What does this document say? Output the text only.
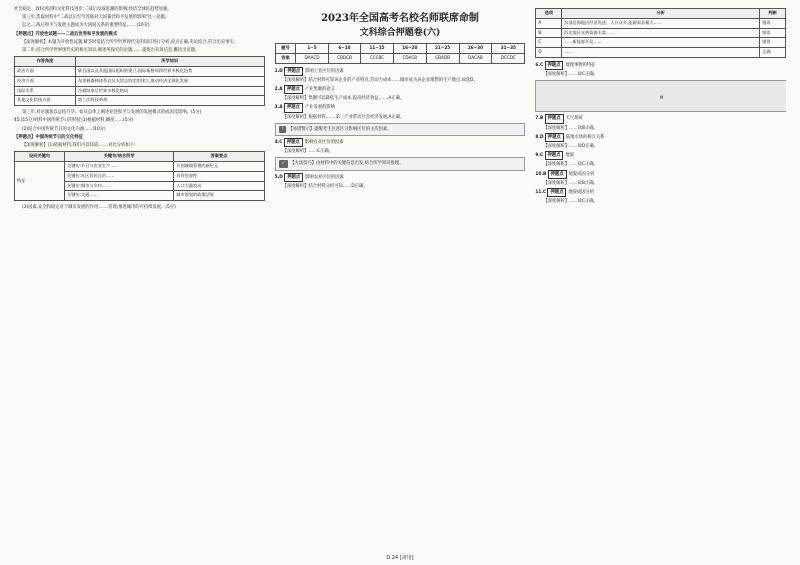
社会稳定、政权巩固和文化科技进步;二战后反战思潮的影响;经济全球化趋势加强。

第三步,选取材料中"二战以后至今苏联对大国兼容和平发展的影响"这一论题。

总之,二战后和平与发展主题成为大国间关系的重要特征,……(10分)

【押题点】开放性试题——二战后世界和平发展的模式

【深度解析】本题为开放性试题,解答时需结合所学世界现代史的知识进行分析,论点正确,史论结合,符合历史事实。

第二步,结合所学世界现代史的相关知识,阐述所探究的论题,……提炼出有效信息,概括出论题。

作答角度	所学知识
政治方面	联合国以及其他国际组织的建立,国际新格局和世界多极化趋势
经济方面	布雷顿森林体系以及关贸总协定的建立,推动经济全球化发展
国际关系	冷战结束后世界多极化格局
其他文化科技方面	第三次科技革命

第三步,对论题加以总结升华。如从总体上阐述论述和平与发展的发展模式的成因及影响。(5分)

45.(15分)材料中国传统节日的特征(1)根据材料,概括……(5分)

(2)结合中国传统节日的文化内涵……(10分)

【押题点】中国传统节日的文化特征

【深度解析】(1)依据材料,我们可以知道,……对比分析如下:

设问关键句	关键句/结合所学	答案要点
特征	关键句:节日与农业生产……	开创城镇管理的新纪元
	关键句:社区居民自治……	具有包容性
	关键句:城市与乡村……	人口大量流动
	关键句:交通……	城市规划的政策法规

(3)因素,安全和稳定对于城市发展的作用,……管理,推进城市的可持续发展。(5分)

2023年全国高考名校名师联席命制
文科综合押题卷(六)
题号	1~5	6~10	11~15	16~20	21~25	26~30	31~35
答案	DAACD	CBDCB	CCCBC	CDACB	CBADB	DACAB	DCCDC

1.D 押题点 影响工业区位的因素

【深度解析】结合材料可知该企业的产业特点,劳动力成本……城市成为该企业理想的生产地点,故选D。

2.A 押题点 产业集聚的意义

【深度解析】集聚可以降低生产成本,提高经济效益,……A正确。

3.A 押题点 产业发展的影响

【深度解析】根据材料,……第三产业带动社会经济发展,A正确。

! 【易错警示】提醒考生注意区分影响区位的主次因素。

4.C 押题点 影响农业区位的因素

【深度解析】……C正确。

✓ 【方法技巧】由材料中的关键信息出发,结合所学知识推理。

5.D 押题点 影响农业区位的因素

【深度解析】结合材料分析可知……D正确。

选项	分析	判断
A	东部沿海地区经济发达、人口众多,能源需求量大……	错误
B	西北地区光热资源丰富……	错误
C	……新能源开发……	错误
D	……	正确

6.C 押题点 地理事物的特征

【深度解析】……故C正确。

▦

7.B 押题点 天气系统

【深度解析】……故B正确。

8.D 押题点 陆地水体的相互关系

【深度解析】……故D正确。

9.C 押题点 地貌

【深度解析】……故C正确。

10.B 押题点 地貌成因分析

【深度解析】……故B正确。

11.C 押题点 地貌成因分析

【深度解析】……故C正确。

D 24 [备用]
